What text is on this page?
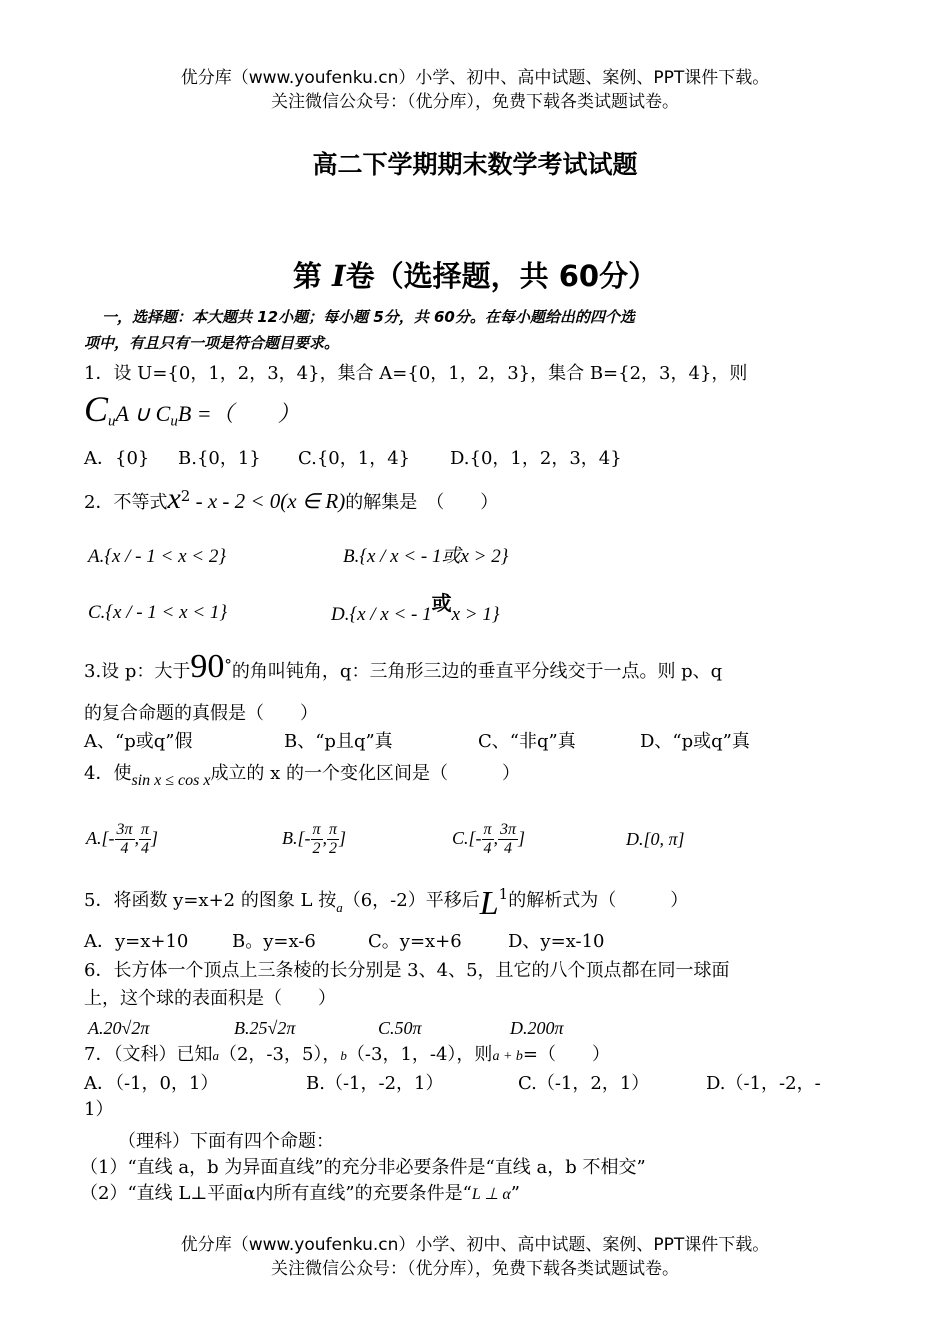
优分库（www.youfenku.cn）小学、初中、高中试题、案例、PPT课件下载。
关注微信公众号：（优分库），免费下载各类试题试卷。
高二下学期期末数学考试试题
第 I卷（选择题，共 60分）
一，选择题：本大题共 12小题；每小题 5分，共 60分。在每小题给出的四个选
项中，有且只有一项是符合题目要求。
1．设 U={0，1，2，3，4}，集合 A={0，1，2，3}，集合 B={2，3，4}，则
$C_uA$ ∪ $C_uB$ =（　　）
A．{0} B.{0，1} C.{0，1，4} D.{0，1，2，3，4}
2．不等式$x^2 - x - 2 < 0(x$ ∈ R)的解集是　（　　）
A.{x / - 1 < x < 2}	B.{x / x < - 1或x > 2}
C.{x / - 1 < x < 1}	D.{x / x < - 1或x > 1}
3.设 p：大于90°的角叫钝角，q：三角形三边的垂直平分线交于一点。则 p、q
的复合命题的真假是（　　）
A、“p或q”假	B、“p且q”真	C、“非q”真	D、“p或q”真
4．使sin x ≤ cos x成立的 x 的一个变化区间是（　　　）
$A.[- \frac{3\pi}{4}$ , $\frac{\pi}{4}$ ]	$B.[- \frac{\pi}{2}$ , $\frac{\pi}{2}$ ]	$C.[- \frac{\pi}{4}$ , $\frac{3\pi}{4}$ ]	D.[0, π]
5．将函数 y=x+2 的图象 L 按$_a$（6，-2）平移后$L^1$的解析式为（　　　）
A．y=x+10 B。y=x-6	C。y=x+6	D、y=x-10
6．长方体一个顶点上三条棱的长分别是 3、4、5，且它的八个顶点都在同一球面
上，这个球的表面积是（　　）
A.20√2π	B.25√2π	C.50π	D.200π
7．（文科）已知a（2，-3，5），b（-3，1，-4），则a + b=（　　）
A．（-1，0，1）	B.（-1，-2，1）	C.（-1，2，1）	D.（-1，-2，-
1）
（理科）下面有四个命题：
（1）“直线 a，b 为异面直线”的充分非必要条件是“直线 a，b 不相交”
（2）“直线 L⊥平面α内所有直线”的充要条件是“L ⊥ α”
优分库（www.youfenku.cn）小学、初中、高中试题、案例、PPT课件下载。
关注微信公众号：（优分库），免费下载各类试题试卷。
